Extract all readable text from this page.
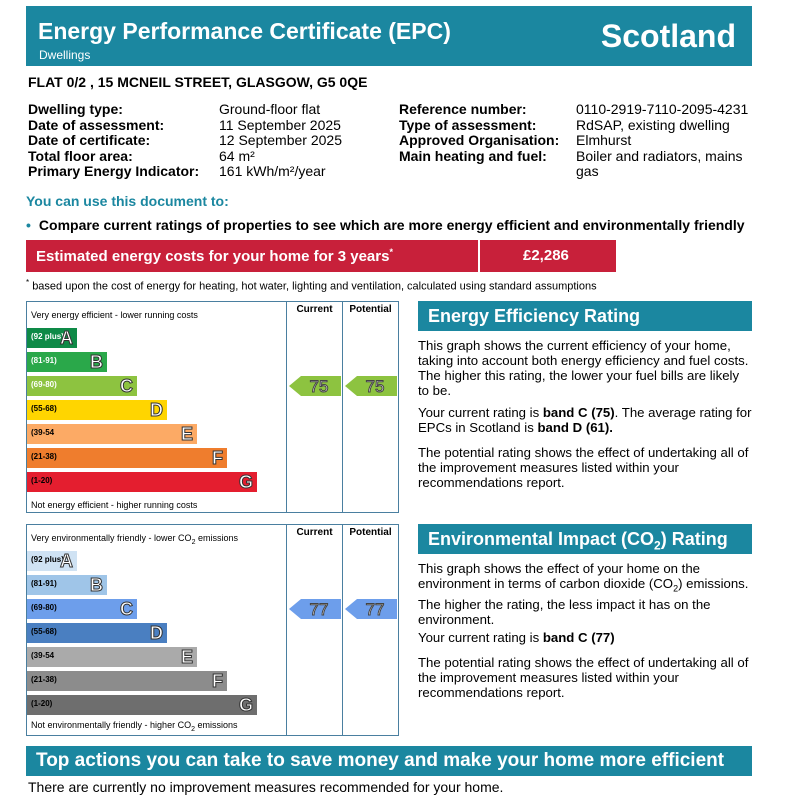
Energy Performance Certificate (EPC)
Dwellings
Scotland
FLAT 0/2 , 15 MCNEIL STREET, GLASGOW, G5 0QE
Dwelling type:	Ground-floor flat
Date of assessment:	11 September 2025
Date of certificate:	12 September 2025
Total floor area:	64 m²
Primary Energy Indicator: 161 kWh/m²/year
Reference number:	0110-2919-7110-2095-4231
Type of assessment:	RdSAP, existing dwelling
Approved Organisation: Elmhurst
Main heating and fuel: Boiler and radiators, mains
gas
You can use this document to:
• Compare current ratings of properties to see which are more energy efficient and environmentally friendly
Estimated energy costs for your home for 3 years*	£2,286
* based upon the cost of energy for heating, hot water, lighting and ventilation, calculated using standard assumptions
Current	Potential
Very energy efficient - lower running costs
Not energy efficient - higher running costs
(92 plus)
A
(81-91) B
(69-80)	C
(55-68)	D
(39-54	E
(21-38)	F
(1-20)	G
75	75
Current	Potential
Very environmentally friendly - lower $CO_2$ emissions
Not environmentally friendly - higher $CO_2$ emissions
(92 plus)
A
(81-91) B
(69-80)	C
(55-68)	D
(39-54	E
(21-38)	F
(1-20)	G
77	77
Energy Efficiency Rating
This graph shows the current efficiency of your home, taking into account both energy efficiency and fuel costs. The higher this rating, the lower your fuel bills are likely to be.
Your current rating is band C (75). The average rating for EPCs in Scotland is band D (61).
The potential rating shows the effect of undertaking all of the improvement measures listed within your recommendations report.
Environmental Impact $(CO_2)$ Rating
This graph shows the effect of your home on the environment in terms of carbon dioxide $(CO_2)$ emissions. The higher the rating, the less impact it has on the environment.
Your current rating is band C (77)
The potential rating shows the effect of undertaking all of the improvement measures listed within your recommendations report.
Top actions you can take to save money and make your home more efficient
There are currently no improvement measures recommended for your home.
